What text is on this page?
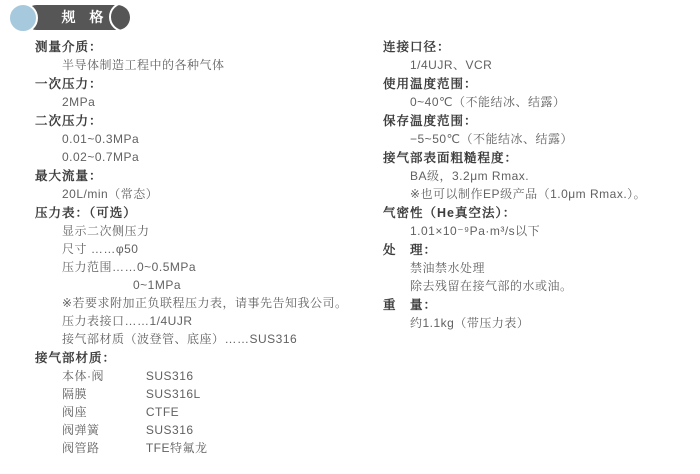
规 格
测量介质：
半导体制造工程中的各种气体
一次压力：
2MPa
二次压力：
0.01~0.3MPa
0.02~0.7MPa
最大流量：
20L/min（常态）
压力表：（可选）
显示二次侧压力
尺寸 ……φ50
压力范围……0~0.5MPa
0~1MPa
※若要求附加正负联程压力表，请事先告知我公司。
压力表接口……1/4UJR
接气部材质（波登管、底座）……SUS316
接气部材质：
本体·阀	SUS316
隔膜	SUS316L
阀座	CTFE
阀弹簧	SUS316
阀管路	TFE特氟龙
连接口径：
1/4UJR、VCR
使用温度范围：
0~40℃（不能结冰、结露）
保存温度范围：
−5~50℃（不能结冰、结露）
接气部表面粗糙程度：
BA级，3.2μm Rmax.
※也可以制作EP级产品（1.0μm Rmax.）。
气密性（He真空法）：
1.01×10⁻⁹Pa·m³/s以下
处　理：
禁油禁水处理
除去残留在接气部的水或油。
重　量：
约1.1kg（带压力表）
